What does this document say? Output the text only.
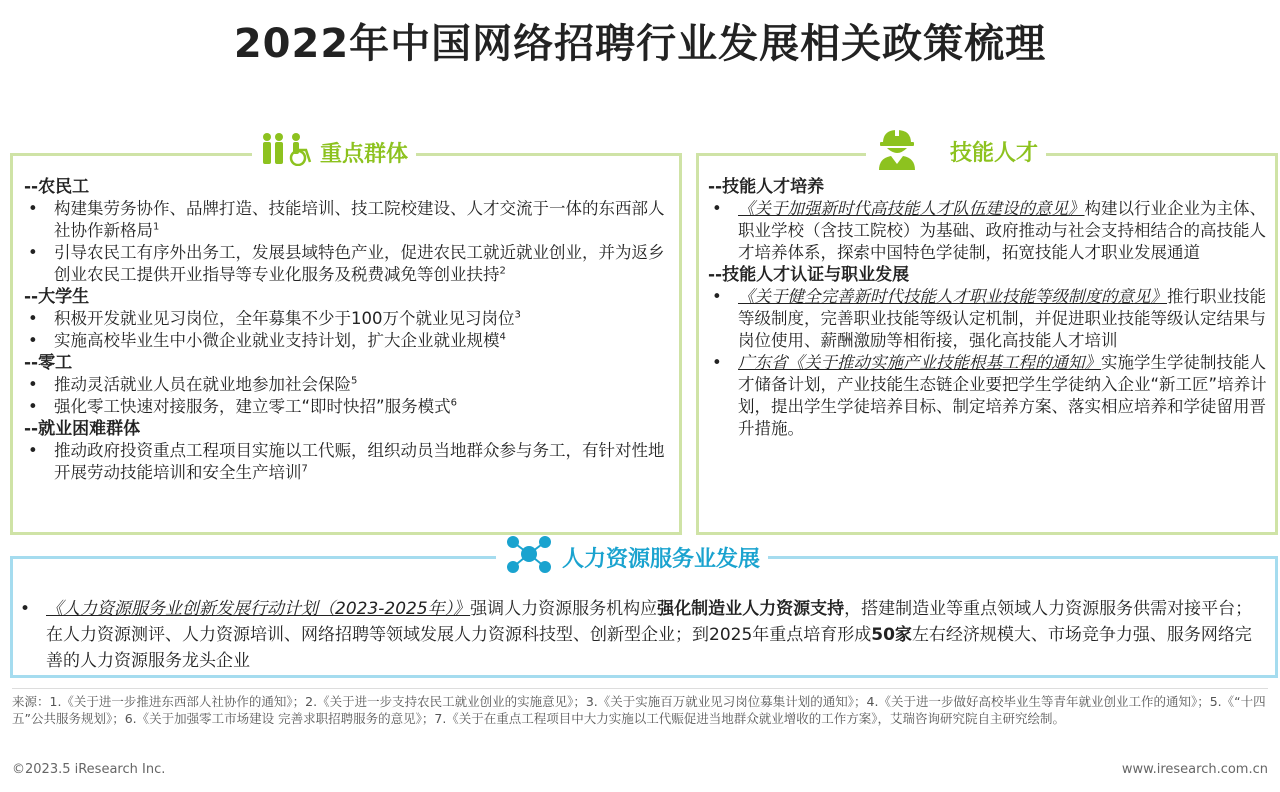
2022年中国网络招聘行业发展相关政策梳理
重点群体
--农民工
• 构建集劳务协作、品牌打造、技能培训、技工院校建设、人才交流于一体的东西部人社协作新格局$^1$
• 引导农民工有序外出务工，发展县域特色产业，促进农民工就近就业创业，并为返乡创业农民工提供开业指导等专业化服务及税费减免等创业扶持$^2$
--大学生
• 积极开发就业见习岗位，全年募集不少于100万个就业见习岗位$^3$
• 实施高校毕业生中小微企业就业支持计划，扩大企业就业规模$^4$
--零工
• 推动灵活就业人员在就业地参加社会保险$^5$
• 强化零工快速对接服务，建立零工“即时快招”服务模式$^6$
--就业困难群体
• 推动政府投资重点工程项目实施以工代赈，组织动员当地群众参与务工，有针对性地开展劳动技能培训和安全生产培训$^7$
技能人才
--技能人才培养
• 《关于加强新时代高技能人才队伍建设的意见》构建以行业企业为主体、职业学校（含技工院校）为基础、政府推动与社会支持相结合的高技能人才培养体系，探索中国特色学徒制，拓宽技能人才职业发展通道
--技能人才认证与职业发展
• 《关于健全完善新时代技能人才职业技能等级制度的意见》推行职业技能等级制度，完善职业技能等级认定机制，并促进职业技能等级认定结果与岗位使用、薪酬激励等相衔接，强化高技能人才培训
• 广东省《关于推动实施产业技能根基工程的通知》实施学生学徒制技能人才储备计划，产业技能生态链企业要把学生学徒纳入企业“新工匠”培养计划，提出学生学徒培养目标、制定培养方案、落实相应培养和学徒留用晋升措施。
人力资源服务业发展
• 《人力资源服务业创新发展行动计划（2023-2025年）》强调人力资源服务机构应强化制造业人力资源支持，搭建制造业等重点领域人力资源服务供需对接平台；在人力资源测评、人力资源培训、网络招聘等领域发展人力资源科技型、创新型企业；到2025年重点培育形成50家左右经济规模大、市场竞争力强、服务网络完善的人力资源服务龙头企业
来源：1.《关于进一步推进东西部人社协作的通知》；2.《关于进一步支持农民工就业创业的实施意见》；3.《关于实施百万就业见习岗位募集计划的通知》；4.《关于进一步做好高校毕业生等青年就业创业工作的通知》；5.《“十四五”公共服务规划》；6.《关于加强零工市场建设 完善求职招聘服务的意见》；7.《关于在重点工程项目中大力实施以工代赈促进当地群众就业增收的工作方案》，艾瑞咨询研究院自主研究绘制。
©2023.5 iResearch Inc.	www.iresearch.com.cn
